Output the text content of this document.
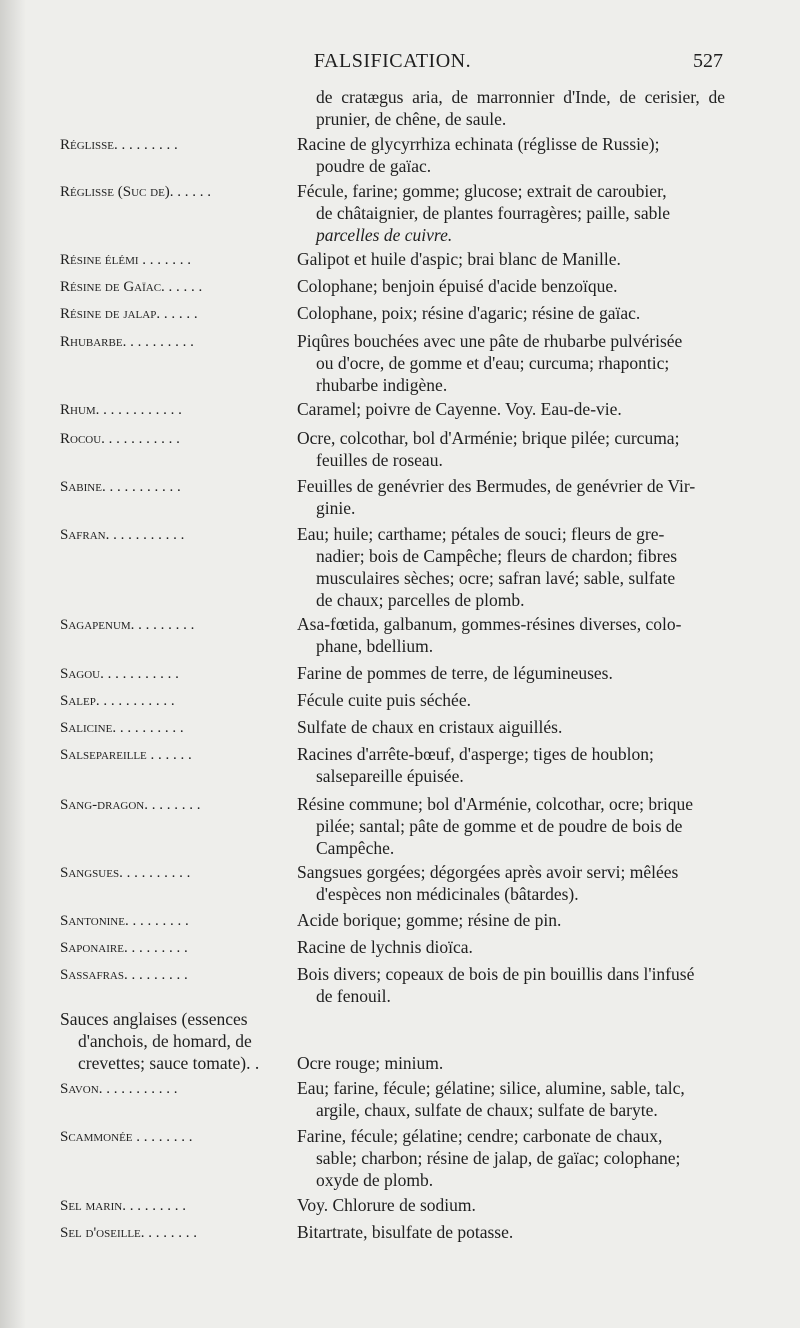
FALSIFICATION.	527
de cratægus aria, de marronnier d'Inde, de cerisier, de prunier, de chêne, de saule.
Réglisse. . . . . . . . .	Racine de glycyrrhiza echinata (réglisse de Russie);
poudre de gaïac.
Réglisse (Suc de). . . . . .	Fécule, farine; gomme; glucose; extrait de caroubier,
de châtaignier, de plantes fourragères; paille, sable
parcelles de cuivre.
Résine élémi . . . . . . .	Galipot et huile d'aspic; brai blanc de Manille.
Résine de Gaïac. . . . . .	Colophane; benjoin épuisé d'acide benzoïque.
Résine de jalap. . . . . .	Colophane, poix; résine d'agaric; résine de gaïac.
Rhubarbe. . . . . . . . . .	Piqûres bouchées avec une pâte de rhubarbe pulvérisée
ou d'ocre, de gomme et d'eau; curcuma; rhapontic;
rhubarbe indigène.
Rhum. . . . . . . . . . . .	Caramel; poivre de Cayenne. Voy. Eau-de-vie.
Rocou. . . . . . . . . . .	Ocre, colcothar, bol d'Arménie; brique pilée; curcuma;
feuilles de roseau.
Sabine. . . . . . . . . . .	Feuilles de genévrier des Bermudes, de genévrier de Vir-
ginie.
Safran. . . . . . . . . . .	Eau; huile; carthame; pétales de souci; fleurs de gre-
nadier; bois de Campêche; fleurs de chardon; fibres
musculaires sèches; ocre; safran lavé; sable, sulfate
de chaux; parcelles de plomb.
Sagapenum. . . . . . . . .	Asa-fœtida, galbanum, gommes-résines diverses, colo-
phane, bdellium.
Sagou. . . . . . . . . . .	Farine de pommes de terre, de légumineuses.
Salep. . . . . . . . . . .	Fécule cuite puis séchée.
Salicine. . . . . . . . . .	Sulfate de chaux en cristaux aiguillés.
Salsepareille . . . . . .	Racines d'arrête-bœuf, d'asperge; tiges de houblon;
salsepareille épuisée.
Sang-dragon. . . . . . . .	Résine commune; bol d'Arménie, colcothar, ocre; brique
pilée; santal; pâte de gomme et de poudre de bois de
Campêche.
Sangsues. . . . . . . . . .	Sangsues gorgées; dégorgées après avoir servi; mêlées
d'espèces non médicinales (bâtardes).
Santonine. . . . . . . . .	Acide borique; gomme; résine de pin.
Saponaire. . . . . . . . .	Racine de lychnis dioïca.
Sassafras. . . . . . . . .	Bois divers; copeaux de bois de pin bouillis dans l'infusé
de fenouil.
Sauces anglaises (essences
d'anchois, de homard, de
crevettes; sauce tomate). .	Ocre rouge; minium.
Savon. . . . . . . . . . .	Eau; farine, fécule; gélatine; silice, alumine, sable, talc,
argile, chaux, sulfate de chaux; sulfate de baryte.
Scammonée . . . . . . . .	Farine, fécule; gélatine; cendre; carbonate de chaux,
sable; charbon; résine de jalap, de gaïac; colophane;
oxyde de plomb.
Sel marin. . . . . . . . .	Voy. Chlorure de sodium.
Sel d'oseille. . . . . . . .	Bitartrate, bisulfate de potasse.
